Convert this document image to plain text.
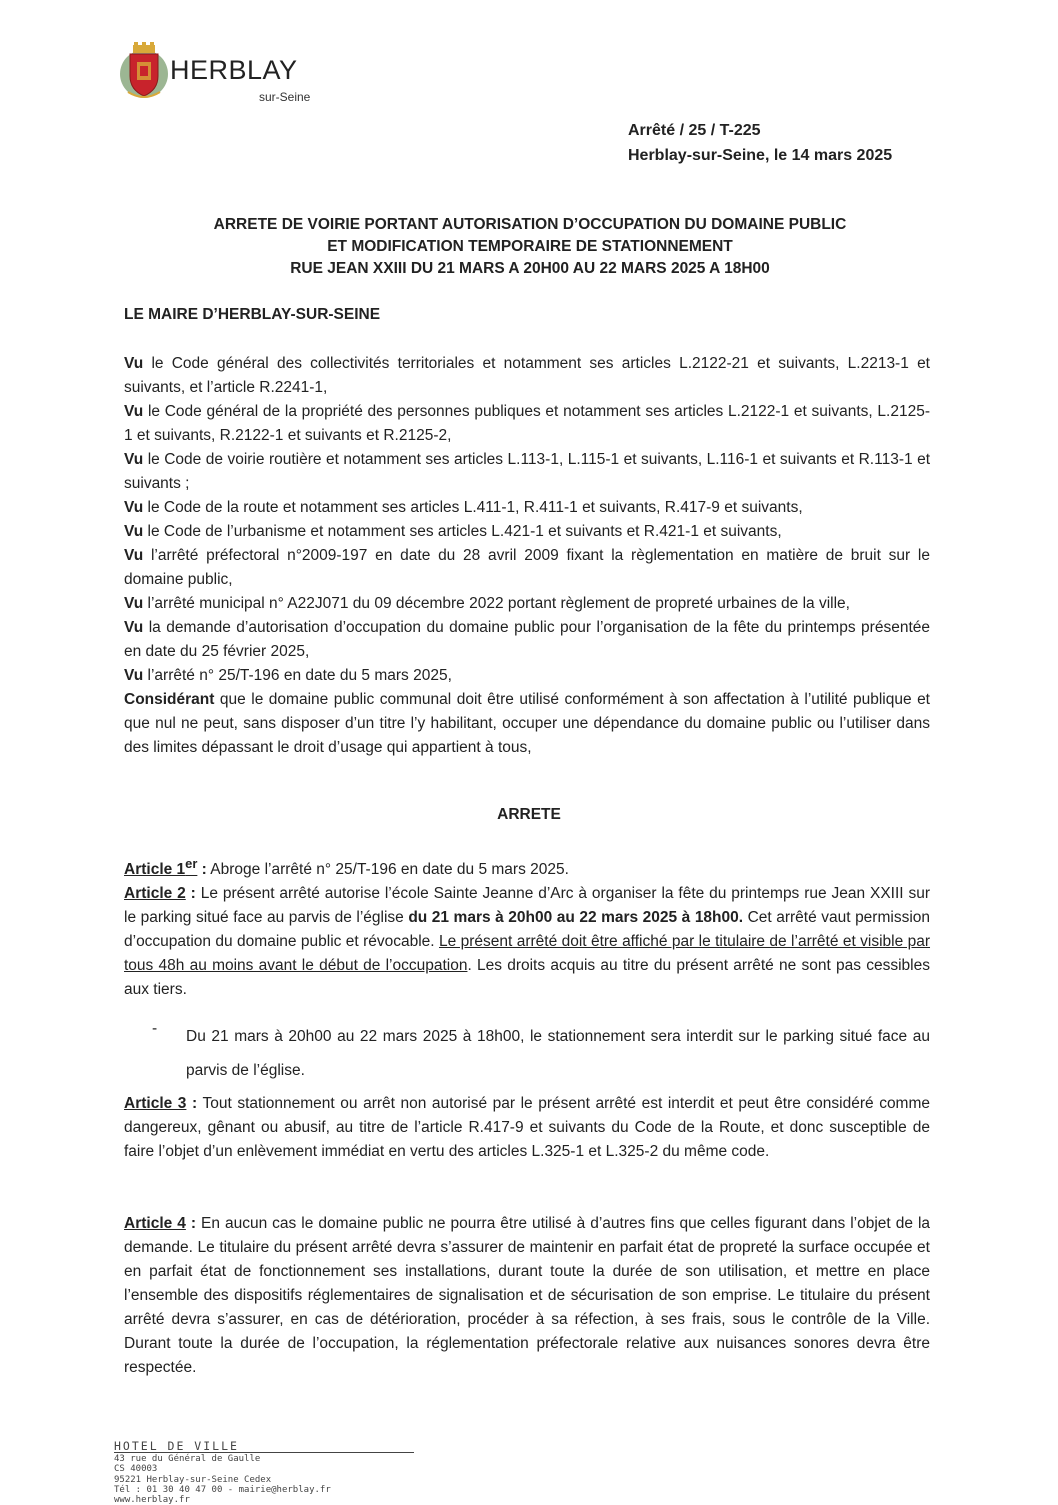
HERBLAY
sur-Seine
Arrêté / 25 / T-225
Herblay-sur-Seine, le 14 mars 2025
ARRETE DE VOIRIE PORTANT AUTORISATION D’OCCUPATION DU DOMAINE PUBLIC
ET MODIFICATION TEMPORAIRE DE STATIONNEMENT
RUE JEAN XXIII DU 21 MARS A 20H00 AU 22 MARS 2025 A 18H00
LE MAIRE D’HERBLAY-SUR-SEINE

Vu le Code général des collectivités territoriales et notamment ses articles L.2122-21 et suivants, L.2213-1 et suivants, et l’article R.2241-1,

Vu le Code général de la propriété des personnes publiques et notamment ses articles L.2122-1 et suivants, L.2125-1 et suivants, R.2122-1 et suivants et R.2125-2,

Vu le Code de voirie routière et notamment ses articles L.113-1, L.115-1 et suivants, L.116-1 et suivants et R.113-1 et suivants ;

Vu le Code de la route et notamment ses articles L.411-1, R.411-1 et suivants, R.417-9 et suivants,

Vu le Code de l’urbanisme et notamment ses articles L.421-1 et suivants et R.421-1 et suivants,

Vu l’arrêté préfectoral n°2009-197 en date du 28 avril 2009 fixant la règlementation en matière de bruit sur le domaine public,

Vu l’arrêté municipal n° A22J071 du 09 décembre 2022 portant règlement de propreté urbaines de la ville,

Vu la demande d’autorisation d’occupation du domaine public pour l’organisation de la fête du printemps présentée en date du 25 février 2025,

Vu l’arrêté n° 25/T-196 en date du 5 mars 2025,

Considérant que le domaine public communal doit être utilisé conformément à son affectation à l’utilité publique et que nul ne peut, sans disposer d’un titre l’y habilitant, occuper une dépendance du domaine public ou l’utiliser dans des limites dépassant le droit d’usage qui appartient à tous,

ARRETE

Article 1er : Abroge l’arrêté n° 25/T-196 en date du 5 mars 2025.

Article 2 : Le présent arrêté autorise l’école Sainte Jeanne d’Arc à organiser la fête du printemps rue Jean XXIII sur le parking situé face au parvis de l’église du 21 mars à 20h00 au 22 mars 2025 à 18h00. Cet arrêté vaut permission d’occupation du domaine public et révocable. Le présent arrêté doit être affiché par le titulaire de l’arrêté et visible par tous 48h au moins avant le début de l’occupation. Les droits acquis au titre du présent arrêté ne sont pas cessibles aux tiers.

- Du 21 mars à 20h00 au 22 mars 2025 à 18h00, le stationnement sera interdit sur le parking situé face au parvis de l’église.

Article 3 : Tout stationnement ou arrêt non autorisé par le présent arrêté est interdit et peut être considéré comme dangereux, gênant ou abusif, au titre de l’article R.417-9 et suivants du Code de la Route, et donc susceptible de faire l’objet d’un enlèvement immédiat en vertu des articles L.325-1 et L.325-2 du même code.

Article 4 : En aucun cas le domaine public ne pourra être utilisé à d’autres fins que celles figurant dans l’objet de la demande. Le titulaire du présent arrêté devra s’assurer de maintenir en parfait état de propreté la surface occupée et en parfait état de fonctionnement ses installations, durant toute la durée de son utilisation, et mettre en place l’ensemble des dispositifs réglementaires de signalisation et de sécurisation de son emprise. Le titulaire du présent arrêté devra s’assurer, en cas de détérioration, procéder à sa réfection, à ses frais, sous le contrôle de la Ville. Durant toute la durée de l’occupation, la réglementation préfectorale relative aux nuisances sonores devra être respectée.

HOTEL DE VILLE
43 rue du Général de Gaulle
CS 40003
95221 Herblay-sur-Seine Cedex
Tél : 01 30 40 47 00 - mairie@herblay.fr
www.herblay.fr
